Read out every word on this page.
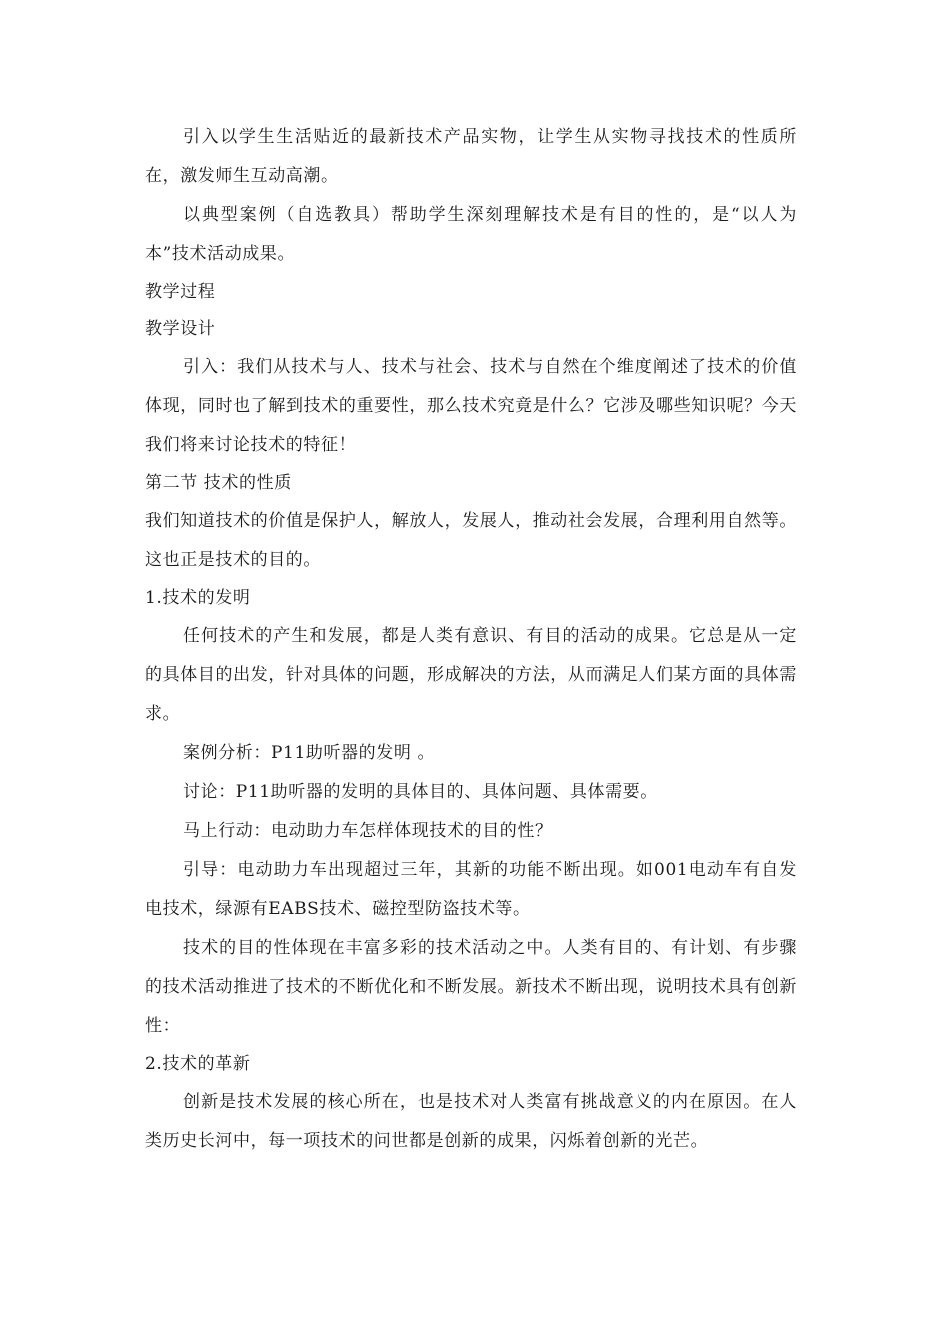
引入以学生生活贴近的最新技术产品实物，让学生从实物寻找技术的性质所在，激发师生互动高潮。

以典型案例（自选教具）帮助学生深刻理解技术是有目的性的，是“以人为本”技术活动成果。

教学过程

教学设计

引入：我们从技术与人、技术与社会、技术与自然在个维度阐述了技术的价值体现，同时也了解到技术的重要性，那么技术究竟是什么？它涉及哪些知识呢？今天我们将来讨论技术的特征！

第二节 技术的性质

我们知道技术的价值是保护人，解放人，发展人，推动社会发展，合理利用自然等。这也正是技术的目的。

1.技术的发明

任何技术的产生和发展，都是人类有意识、有目的活动的成果。它总是从一定的具体目的出发，针对具体的问题，形成解决的方法，从而满足人们某方面的具体需求。

案例分析：P11助听器的发明 。

讨论：P11助听器的发明的具体目的、具体问题、具体需要。

马上行动：电动助力车怎样体现技术的目的性？

引导：电动助力车出现超过三年，其新的功能不断出现。如001电动车有自发电技术，绿源有EABS技术、磁控型防盗技术等。

技术的目的性体现在丰富多彩的技术活动之中。人类有目的、有计划、有步骤的技术活动推进了技术的不断优化和不断发展。新技术不断出现，说明技术具有创新性：

2.技术的革新

创新是技术发展的核心所在，也是技术对人类富有挑战意义的内在原因。在人类历史长河中，每一项技术的问世都是创新的成果，闪烁着创新的光芒。
